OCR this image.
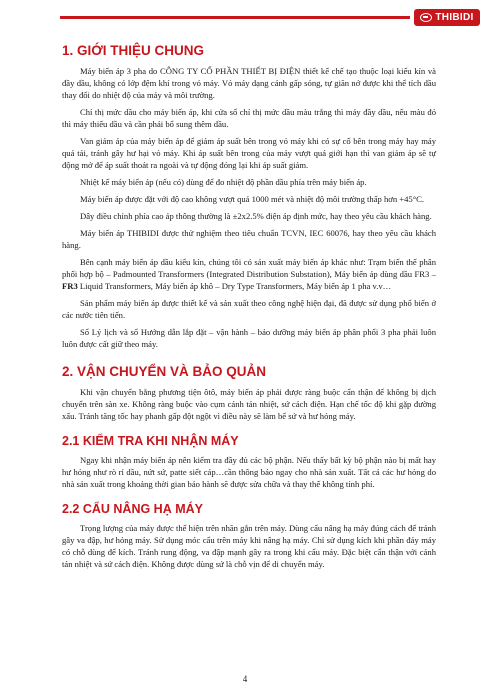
THIBIDI
1. GIỚI THIỆU CHUNG

Máy biến áp 3 pha do CÔNG TY CỔ PHẦN THIẾT BỊ ĐIỆN thiết kế chế tạo thuộc loại kiểu kín và đầy dầu, không có lớp đệm khí trong vỏ máy. Vỏ máy dạng cánh gấp sóng, tự giãn nở được khi thể tích dầu thay đổi do nhiệt độ của máy và môi trường.

Chỉ thị mức dầu cho máy biến áp, khi cửa sổ chỉ thị mức dầu màu trắng thì máy đầy dầu, nếu màu đỏ thì máy thiếu dầu và cần phải bổ sung thêm dầu.

Van giảm áp của máy biến áp để giảm áp suất bên trong vỏ máy khi có sự cố bên trong máy hay máy quá tải, tránh gây hư hại vỏ máy. Khi áp suất bên trong của máy vượt quá giới hạn thì van giảm áp sẽ tự động mở để áp suất thoát ra ngoài và tự động đóng lại khi áp suất giảm.

Nhiệt kế máy biến áp (nếu có) dùng để đo nhiệt độ phần dầu phía trên máy biến áp.

Máy biến áp được đặt với độ cao không vượt quá 1000 mét và nhiệt độ môi trường thấp hơn +45°C.

Dây điều chỉnh phía cao áp thông thường là ±2x2.5% điện áp định mức, hay theo yêu cầu khách hàng.

Máy biến áp THIBIDI được thử nghiệm theo tiêu chuẩn TCVN, IEC 60076, hay theo yêu cầu khách hàng.

Bên cạnh máy biến áp dầu kiểu kín, chúng tôi có sản xuất máy biến áp khác như: Trạm biến thế phân phối hợp bộ – Padmounted Transformers (Integrated Distribution Substation), Máy biến áp dùng dầu FR3 – FR3 Liquid Transformers, Máy biến áp khô – Dry Type Transformers, Máy biến áp 1 pha v.v…

Sản phẩm máy biến áp được thiết kế và sản xuất theo công nghệ hiện đại, đã được sử dụng phổ biến ở các nước tiên tiến.

Sổ Lý lịch và sổ Hướng dẫn lắp đặt – vận hành – bảo dưỡng máy biến áp phân phối 3 pha phải luôn luôn được cất giữ theo máy.

2. VẬN CHUYỂN VÀ BẢO QUẢN

Khi vận chuyển bằng phương tiện ôtô, máy biến áp phải được ràng buộc cẩn thận để không bị dịch chuyển trên sàn xe. Không ràng buộc vào cụm cánh tản nhiệt, sứ cách điện. Hạn chế tốc độ khi gặp đường xấu. Tránh tăng tốc hay phanh gấp đột ngột vì điều này sẽ làm bể sứ và hư hỏng máy.

2.1 KIỂM TRA KHI NHẬN MÁY

Ngay khi nhận máy biến áp nên kiểm tra đầy đủ các bộ phận. Nếu thấy bất kỳ bộ phận nào bị mất hay hư hỏng như rò rỉ dầu, nứt sứ, patte siết cáp…cần thông báo ngay cho nhà sản xuất. Tất cả các hư hỏng do nhà sản xuất trong khoảng thời gian bảo hành sẽ được sửa chữa và thay thế không tính phí.

2.2 CẨU NÂNG HẠ MÁY

Trọng lượng của máy được thể hiện trên nhãn gắn trên máy. Dùng cẩu nâng hạ máy đúng cách để tránh gây va đập, hư hỏng máy. Sử dụng móc cẩu trên máy khi nâng hạ máy. Chỉ sử dụng kích khi phần đáy máy có chỗ dùng để kích. Tránh rung động, va đập mạnh gây ra trong khi cẩu máy. Đặc biệt cẩn thận với cánh tản nhiệt và sứ cách điện. Không được dùng sứ là chỗ vịn để di chuyển máy.

4
